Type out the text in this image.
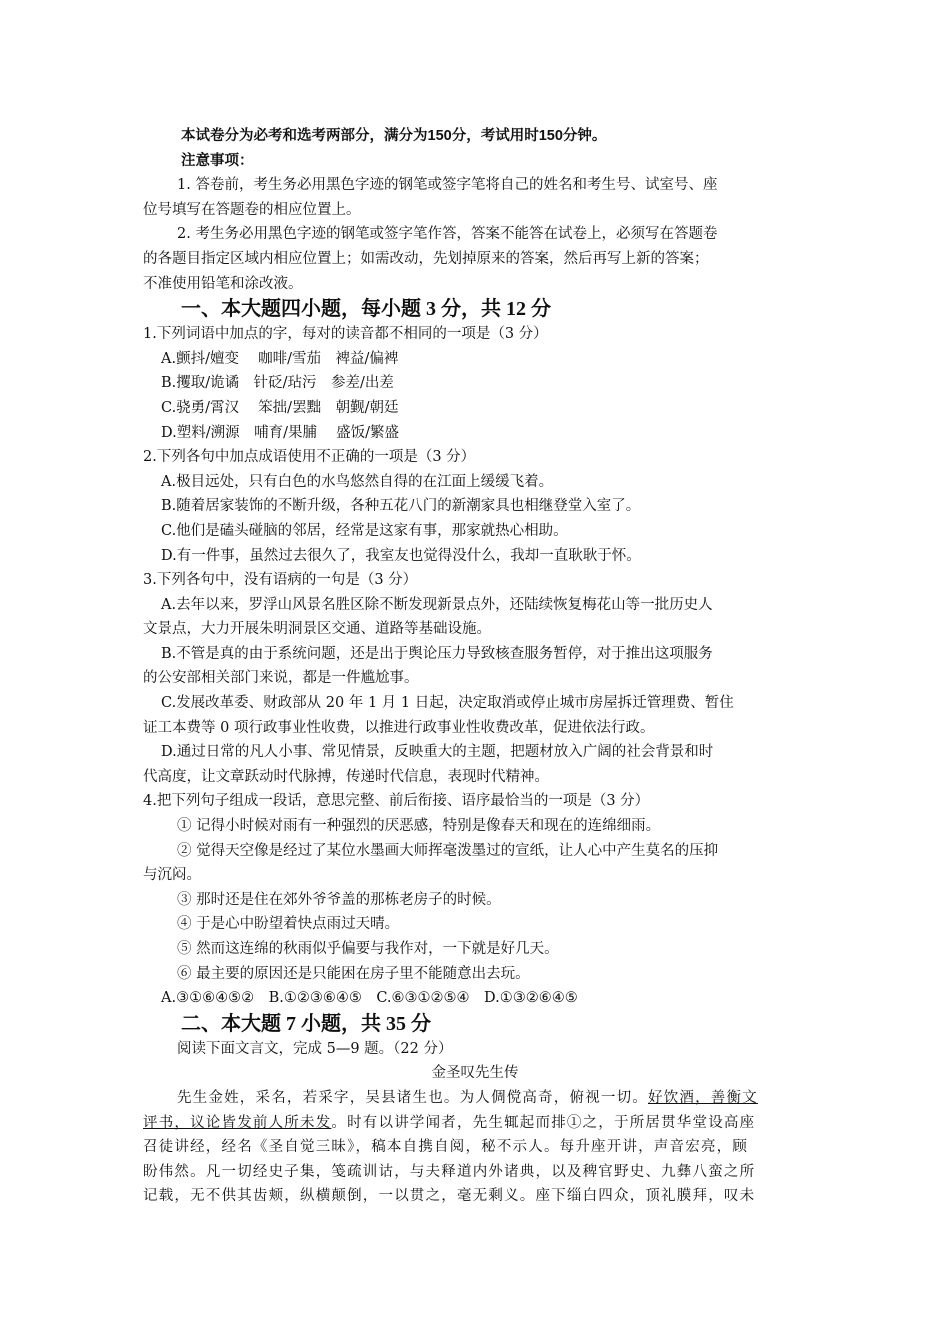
本试卷分为必考和选考两部分，满分为150分，考试用时150分钟。
注意事项：
1. 答卷前，考生务必用黑色字迹的钢笔或签字笔将自己的姓名和考生号、试室号、座
位号填写在答题卷的相应位置上。
2. 考生务必用黑色字迹的钢笔或签字笔作答，答案不能答在试卷上，必须写在答题卷
的各题目指定区域内相应位置上；如需改动，先划掉原来的答案，然后再写上新的答案；
不准使用铅笔和涂改液。
一、本大题四小题，每小题 3 分，共 12 分
1.下列词语中加点的字，每对的读音都不相同的一项是（3 分）
A.颤抖/嬗变　 咖啡/雪茄　裨益/偏裨
B.攫取/诡谲　针砭/玷污　参差/出差
C.骁勇/霄汉　 笨拙/罢黜　朝觐/朝廷
D.塑料/溯源　哺育/果脯　 盛饭/繁盛
2.下列各句中加点成语使用不正确的一项是（3 分）
A.极目远处，只有白色的水鸟悠然自得的在江面上缓缓飞着。
B.随着居家装饰的不断升级，各种五花八门的新潮家具也相继登堂入室了。
C.他们是磕头碰脑的邻居，经常是这家有事，那家就热心相助。
D.有一件事，虽然过去很久了，我室友也觉得没什么，我却一直耿耿于怀。
3.下列各句中，没有语病的一句是（3 分）
A.去年以来，罗浮山风景名胜区除不断发现新景点外，还陆续恢复梅花山等一批历史人
文景点，大力开展朱明洞景区交通、道路等基础设施。
B.不管是真的由于系统问题，还是出于舆论压力导致核查服务暂停，对于推出这项服务
的公安部相关部门来说，都是一件尴尬事。
C.发展改革委、财政部从 20 年 1 月 1 日起，决定取消或停止城市房屋拆迁管理费、暂住
证工本费等 0 项行政事业性收费，以推进行政事业性收费改革，促进依法行政。
D.通过日常的凡人小事、常见情景，反映重大的主题，把题材放入广阔的社会背景和时
代高度，让文章跃动时代脉搏，传递时代信息，表现时代精神。
4.把下列句子组成一段话，意思完整、前后衔接、语序最恰当的一项是（3 分）
① 记得小时候对雨有一种强烈的厌恶感，特别是像春天和现在的连绵细雨。
② 觉得天空像是经过了某位水墨画大师挥毫泼墨过的宣纸，让人心中产生莫名的压抑
与沉闷。
③ 那时还是住在郊外爷爷盖的那栋老房子的时候。
④ 于是心中盼望着快点雨过天晴。
⑤ 然而这连绵的秋雨似乎偏要与我作对，一下就是好几天。
⑥ 最主要的原因还是只能困在房子里不能随意出去玩。
A.③①⑥④⑤②　B.①②③⑥④⑤　C.⑥③①②⑤④　D.①③②⑥④⑤
二、本大题 7 小题，共 35 分
阅读下面文言文，完成 5—9 题。（22 分）
金圣叹先生传
先生金姓，采名，若采字，吴县诸生也。为人倜傥高奇，俯视一切。好饮酒，善衡文
评书，议论皆发前人所未发。时有以讲学闻者，先生辄起而排①之，于所居贯华堂设高座
召徒讲经，经名《圣自觉三昧》，稿本自携自阅，秘不示人。每升座开讲，声音宏亮，顾
盼伟然。凡一切经史子集，笺疏训诂，与夫释道内外诸典，以及稗官野史、九彝八蛮之所
记载，无不供其齿颊，纵横颠倒，一以贯之，毫无剩义。座下缁白四众，顶礼膜拜，叹未
